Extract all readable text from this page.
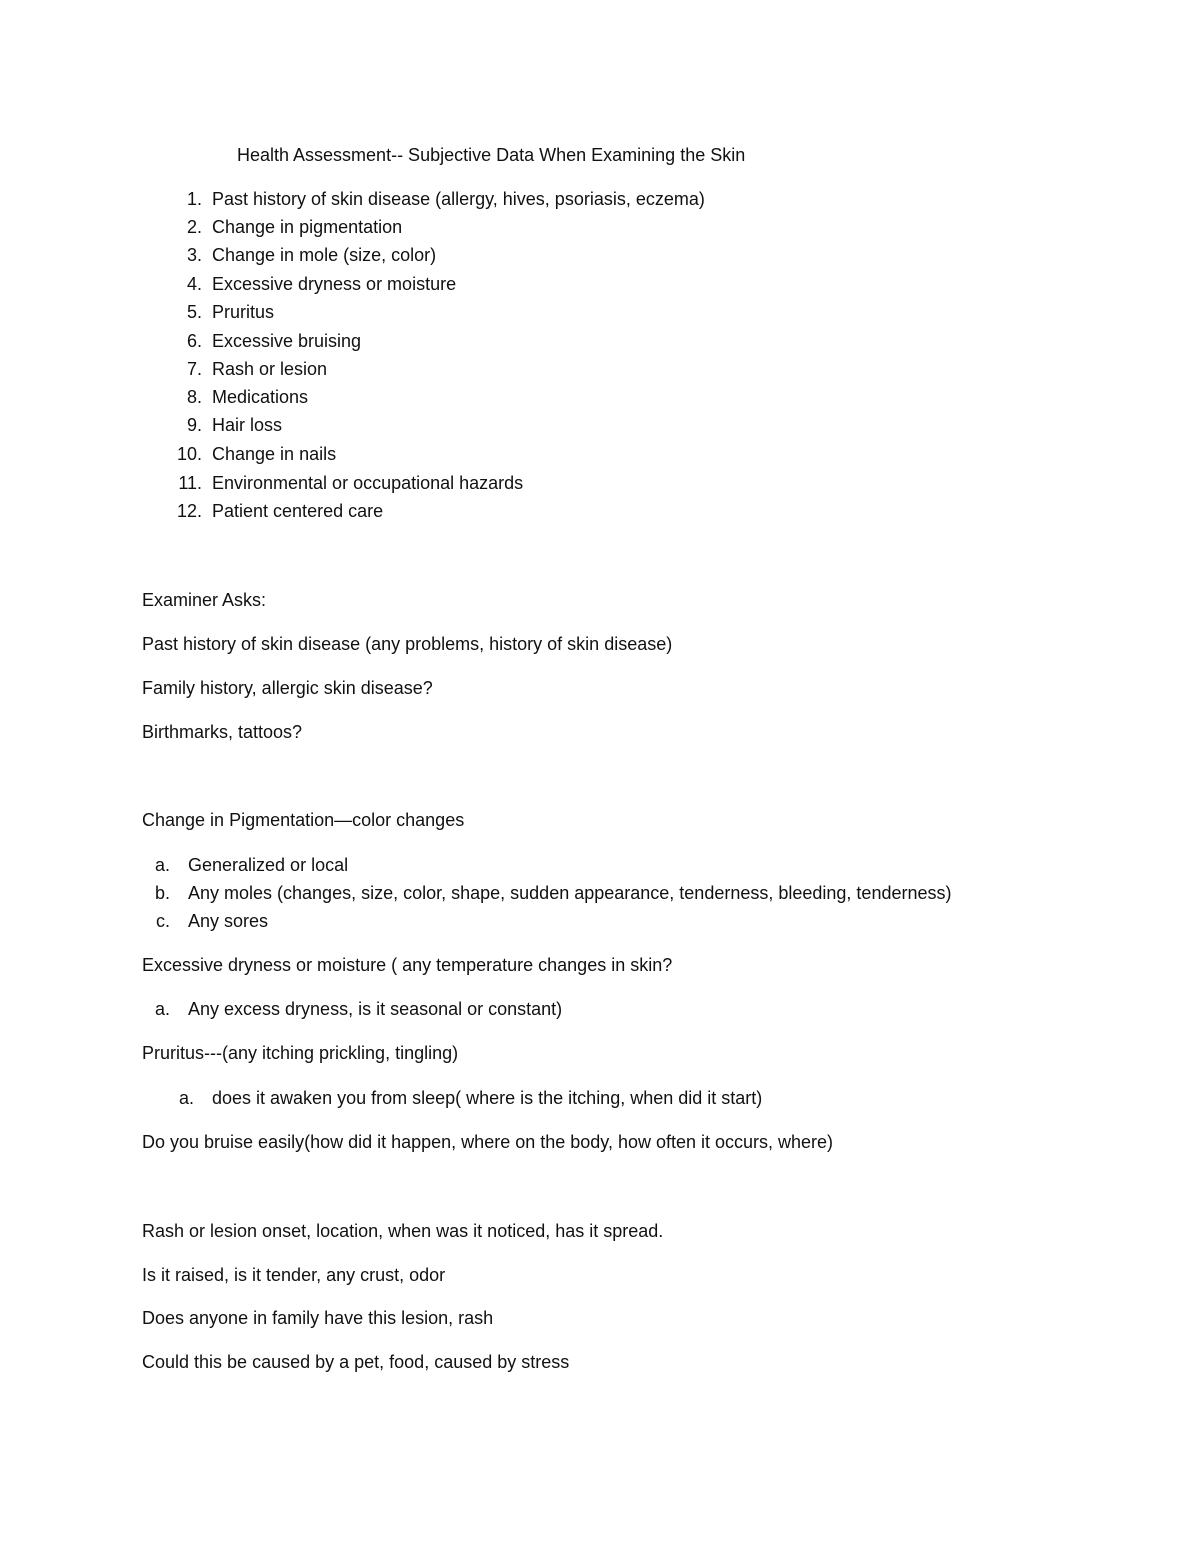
Health Assessment-- Subjective Data When Examining the Skin
1. Past history of skin disease (allergy, hives, psoriasis, eczema)
2. Change in pigmentation
3. Change in mole (size, color)
4. Excessive dryness or moisture
5. Pruritus
6. Excessive bruising
7. Rash or lesion
8. Medications
9. Hair loss
10. Change in nails
11. Environmental or occupational hazards
12. Patient centered care
Examiner Asks:
Past history of skin disease (any problems, history of skin disease)
Family history, allergic skin disease?
Birthmarks, tattoos?
Change in Pigmentation—color changes
a. Generalized or local
b. Any moles (changes, size, color, shape, sudden appearance, tenderness, bleeding, tenderness)
c. Any sores
Excessive dryness or moisture ( any temperature changes in skin?
a. Any excess dryness, is it seasonal or constant)
Pruritus---(any itching prickling, tingling)
a. does it awaken you from sleep( where is the itching, when did it start)
Do you bruise easily(how did it happen, where on the body, how often it occurs, where)
Rash or lesion onset, location, when was it noticed, has it spread.
Is it raised, is it tender, any crust, odor
Does anyone in family have this lesion, rash
Could this be caused by a pet, food, caused by stress
